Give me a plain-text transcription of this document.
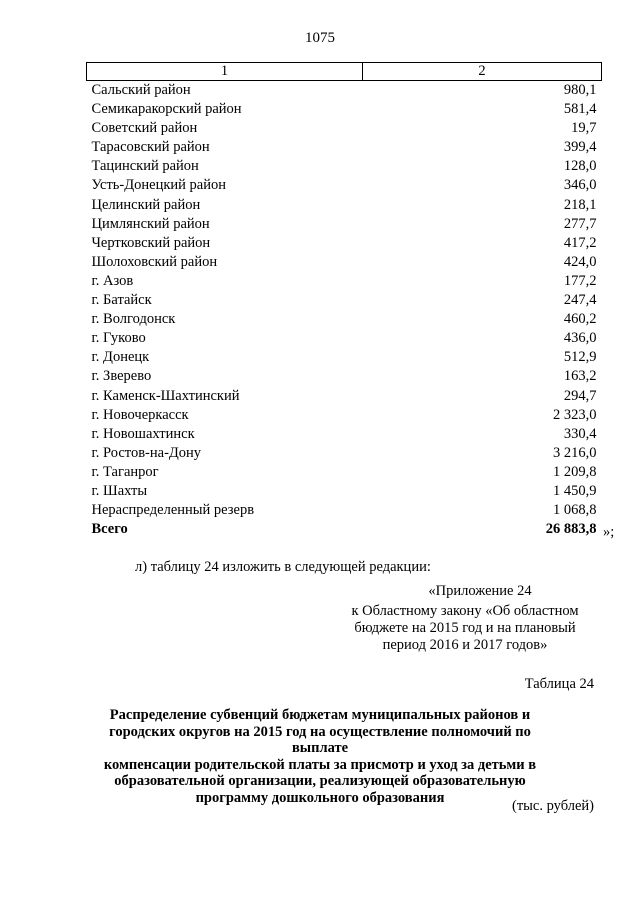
1075
1	2
Сальский район	980,1
Семикаракорский район	581,4
Советский район	19,7
Тарасовский район	399,4
Тацинский район	128,0
Усть-Донецкий район	346,0
Целинский район	218,1
Цимлянский район	277,7
Чертковский район	417,2
Шолоховский район	424,0
г. Азов	177,2
г. Батайск	247,4
г. Волгодонск	460,2
г. Гуково	436,0
г. Донецк	512,9
г. Зверево	163,2
г. Каменск-Шахтинский	294,7
г. Новочеркасск	2 323,0
г. Новошахтинск	330,4
г. Ростов-на-Дону	3 216,0
г. Таганрог	1 209,8
г. Шахты	1 450,9
Нераспределенный резерв	1 068,8
Всего	26 883,8 »;
л) таблицу 24 изложить в следующей редакции:
«Приложение 24
к Областному закону «Об областном
бюджете на 2015 год и на плановый
период 2016 и 2017 годов»
Таблица 24
Распределение субвенций бюджетам муниципальных районов и
городских округов на 2015 год на осуществление полномочий по выплате
компенсации родительской платы за присмотр и уход за детьми в
образовательной организации, реализующей образовательную
программу дошкольного образования
(тыс. рублей)
